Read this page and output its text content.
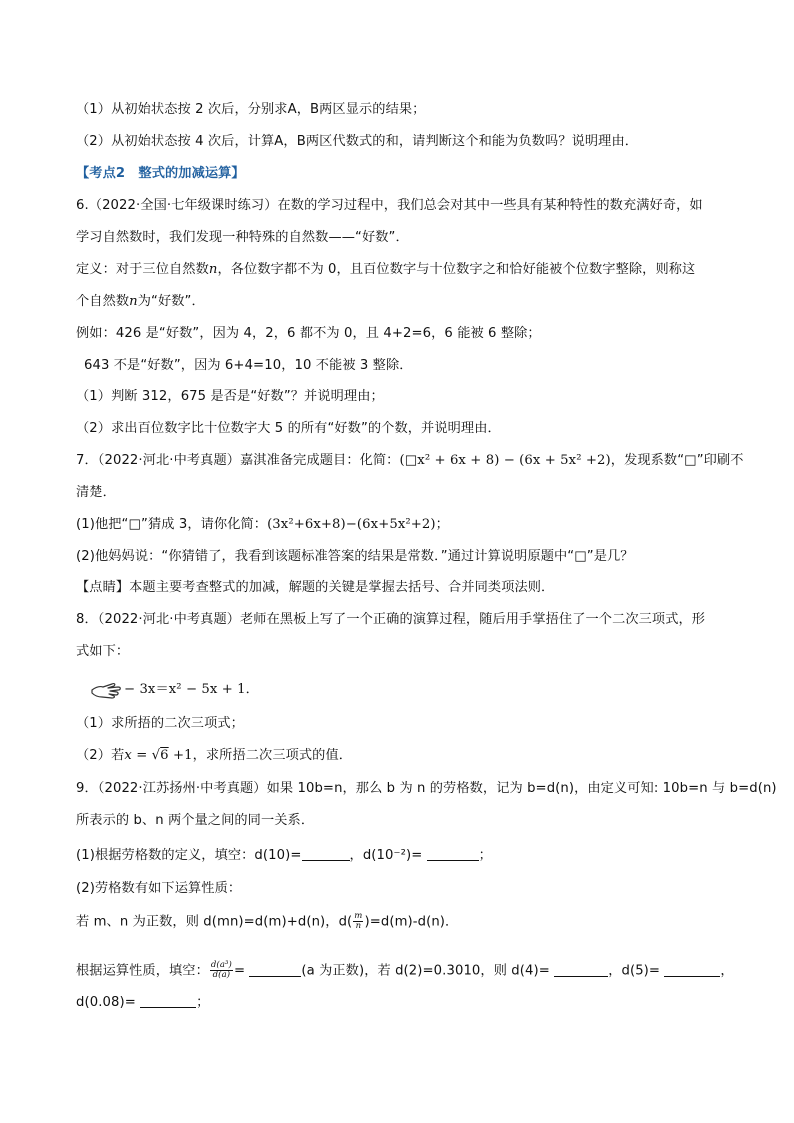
（1）从初始状态按 2 次后，分别求A，B两区显示的结果；
（2）从初始状态按 4 次后，计算A，B两区代数式的和，请判断这个和能为负数吗？说明理由．
【考点2　整式的加减运算】
6.（2022·全国·七年级课时练习）在数的学习过程中，我们总会对其中一些具有某种特性的数充满好奇，如
学习自然数时，我们发现一种特殊的自然数——“好数”．
定义：对于三位自然数n，各位数字都不为 0，且百位数字与十位数字之和恰好能被个位数字整除，则称这
个自然数n为“好数”．
例如：426 是“好数”，因为 4，2，6 都不为 0，且 4+2=6，6 能被 6 整除；
643 不是“好数”，因为 6+4=10，10 不能被 3 整除．
（1）判断 312，675 是否是“好数”？并说明理由；
（2）求出百位数字比十位数字大 5 的所有“好数”的个数，并说明理由．
7．（2022·河北·中考真题）嘉淇准备完成题目：化简：(□x² + 6x + 8) − (6x + 5x² +2)，发现系数“□”印刷不
清楚．
(1)他把“□”猜成 3，请你化简：(3x²+6x+8)−(6x+5x²+2)；
(2)他妈妈说：“你猜错了，我看到该题标准答案的结果是常数．”通过计算说明原题中“□”是几？
【点睛】本题主要考查整式的加减，解题的关键是掌握去括号、合并同类项法则．
8．（2022·河北·中考真题）老师在黑板上写了一个正确的演算过程，随后用手掌捂住了一个二次三项式，形
式如下：
− 3x＝x² − 5x + 1．
（1）求所捂的二次三项式；
（2）若x = √6 +1，求所捂二次三项式的值．
9．（2022·江苏扬州·中考真题）如果 10b=n，那么 b 为 n 的劳格数，记为 b=d(n)，由定义可知: 10b=n 与 b=d(n)
所表示的 b、n 两个量之间的同一关系．
(1)根据劳格数的定义，填空：d(10)=	，d(10⁻²)=	；
(2)劳格数有如下运算性质：
若 m、n 为正数，则 d(mn)=d(m)+d(n)，$d( \frac{m}{n} )=d(m)-d(n)$．
根据运算性质，填空： $\frac{\text{d(a³)}}{d(a)}$ =	(a 为正数)，若 d(2)=0.3010，则 d(4)=	，d(5)=	，
d(0.08)=	；
